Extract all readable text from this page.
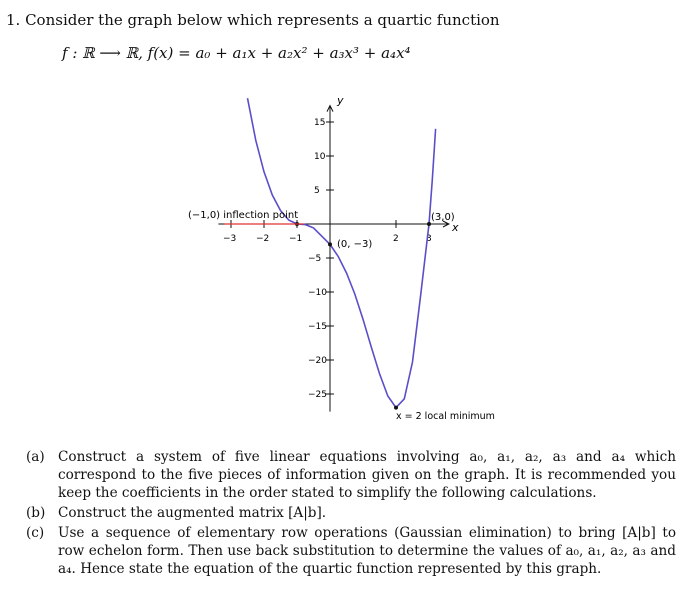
1. Consider the graph below which represents a quartic function
f : ℝ ⟶ ℝ, f(x) = a₀ + a₁x + a₂x² + a₃x³ + a₄x⁴
−3 −2 −1	2	3
15
10
5
−5
−10
−15
−20
−25
y
x
(−1,0) inflection point
(0, −3)
(3,0)
x = 2 local minimum
(a) Construct a system of five linear equations involving a₀, a₁, a₂, a₃ and a₄ which correspond to the five pieces of information given on the graph. It is recommended you keep the coefficients in the order stated to simplify the following calculations.
(b) Construct the augmented matrix [A|b].
(c)	Use a sequence of elementary row operations (Gaussian elimination) to bring [A|b] to row echelon form. Then use back substitution to determine the values of a₀, a₁, a₂, a₃ and a₄. Hence state the equation of the quartic function represented by this graph.
